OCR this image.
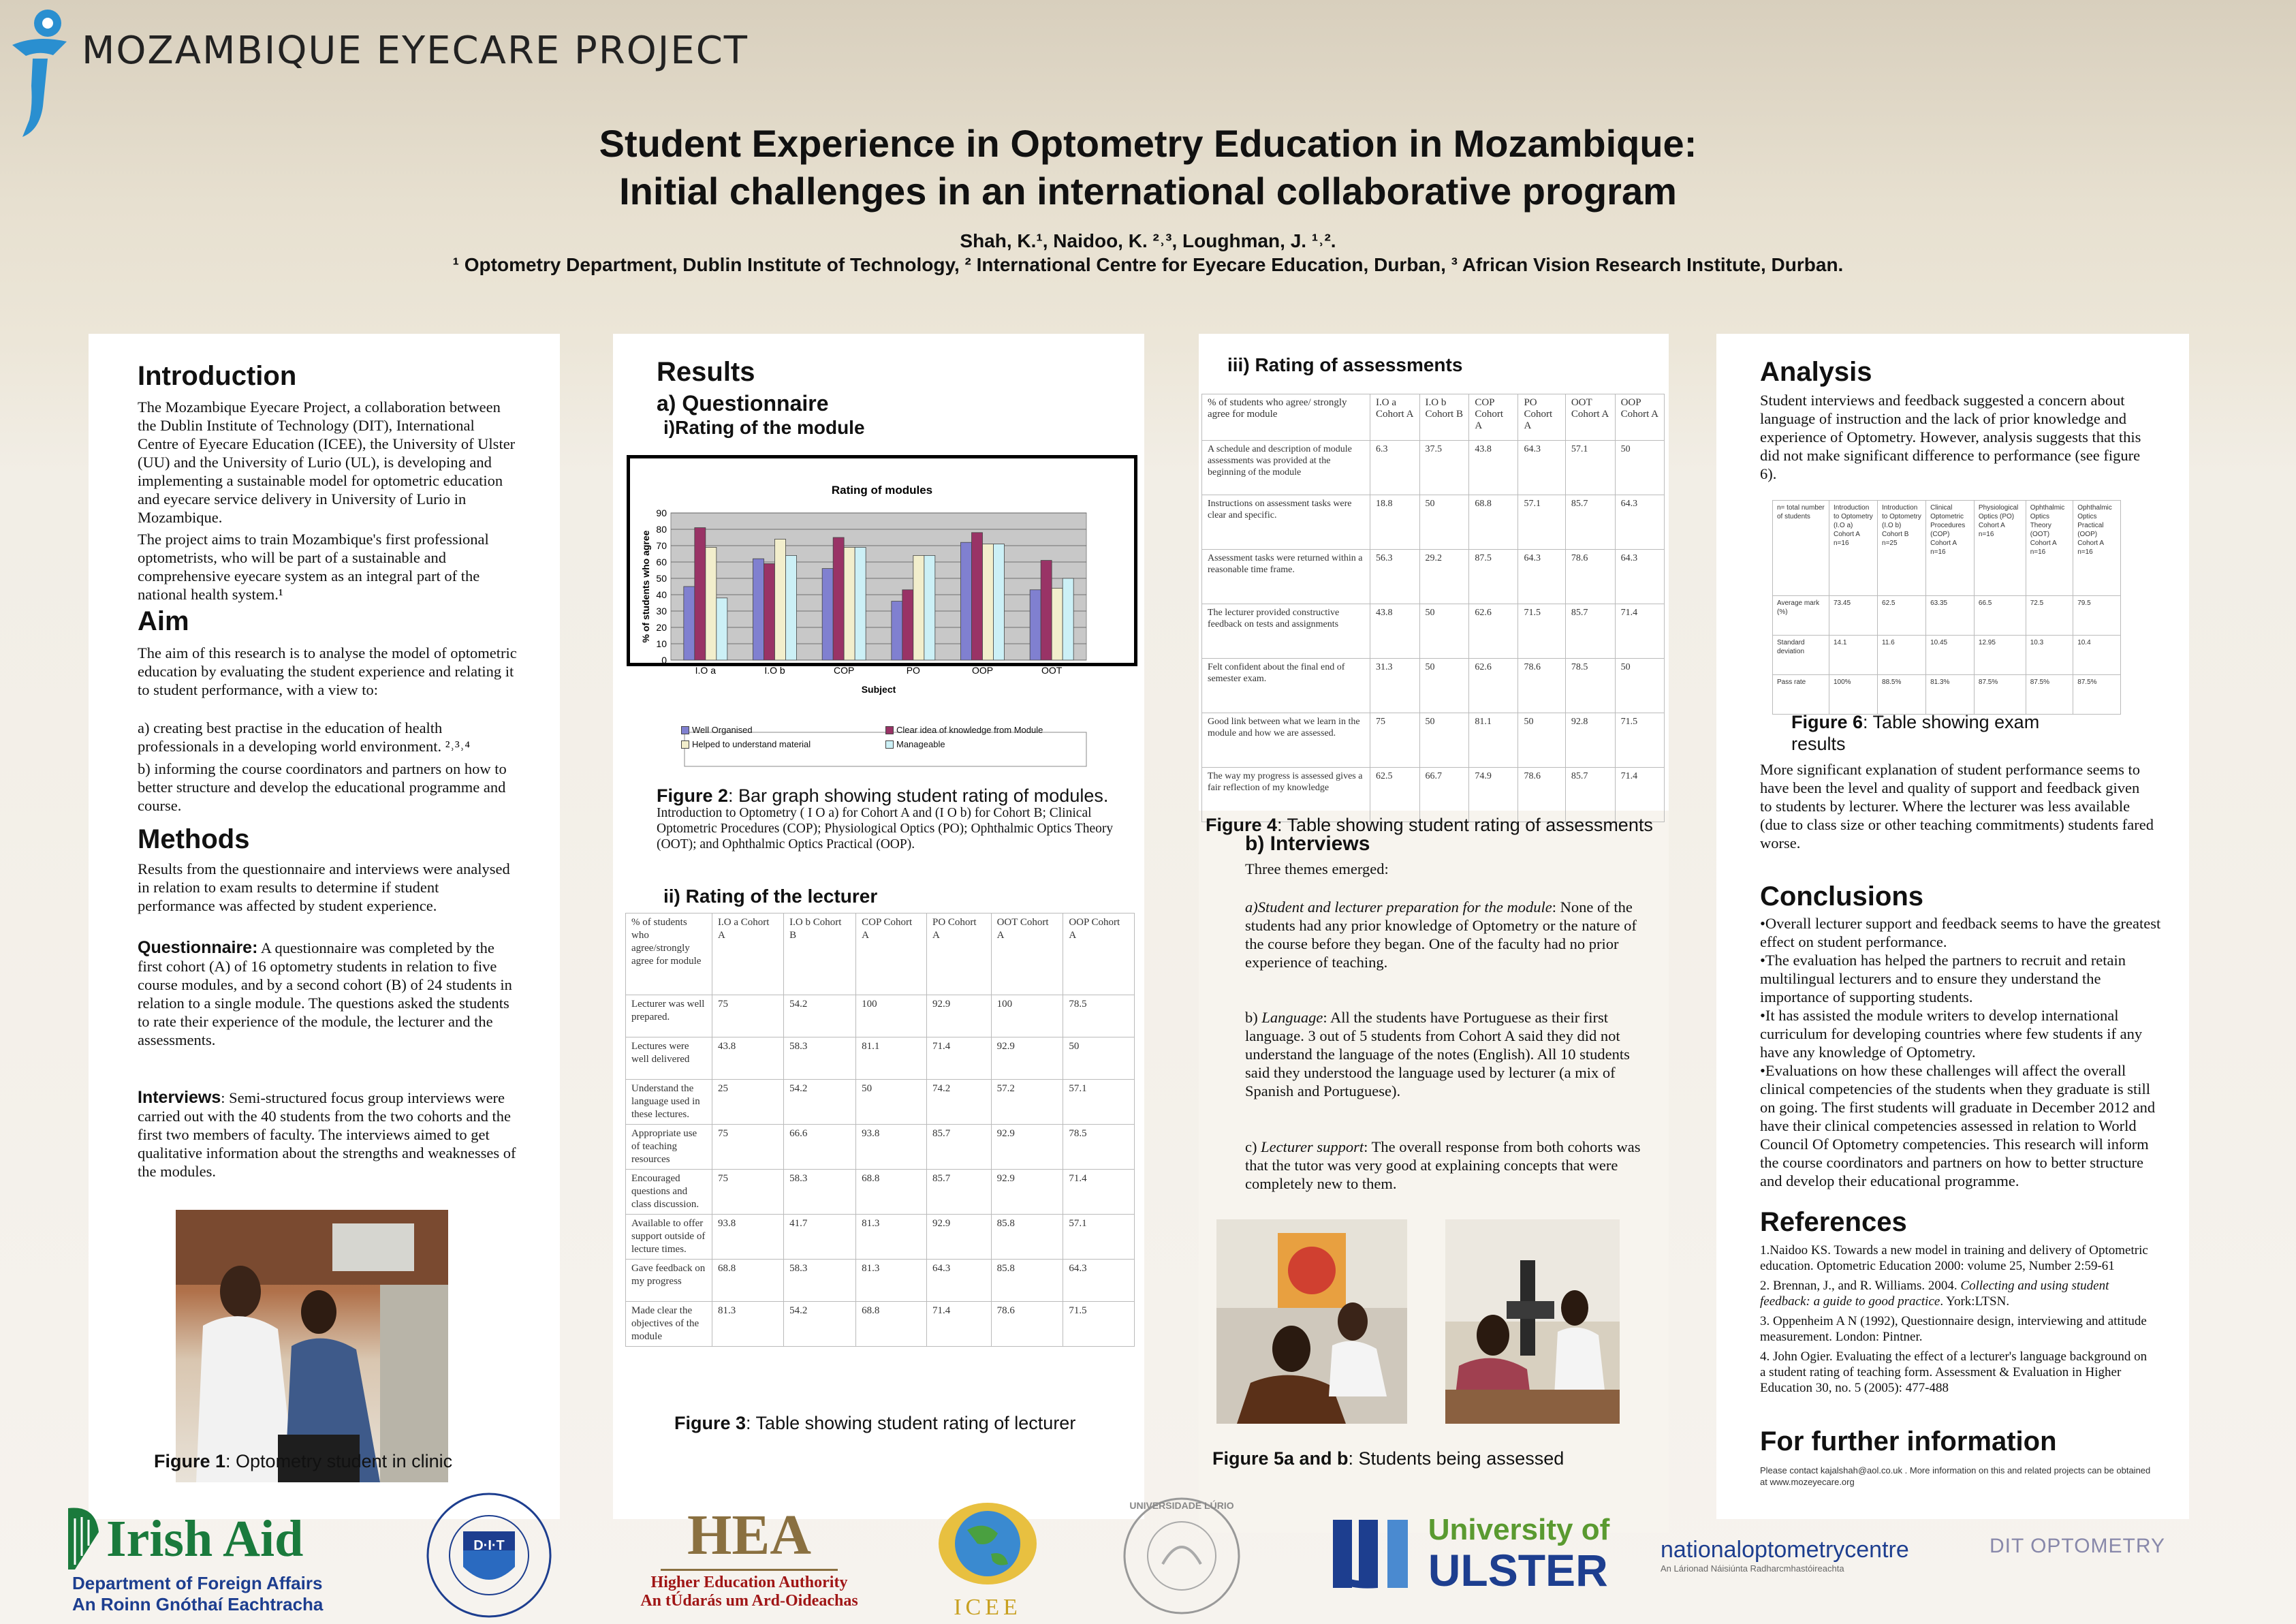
MOZAMBIQUE EYECARE PROJECT
Student Experience in Optometry Education in Mozambique:
Initial challenges in an international collaborative program
Shah, K.¹, Naidoo, K. ²˒³, Loughman, J. ¹˒².
¹ Optometry Department, Dublin Institute of Technology, ² International Centre for Eyecare Education, Durban, ³ African Vision Research Institute, Durban.
Introduction

The Mozambique Eyecare Project, a collaboration between the Dublin Institute of Technology (DIT), International Centre of Eyecare Education (ICEE), the University of Ulster (UU) and the University of Lurio (UL), is developing and implementing a sustainable model for optometric education and eyecare service delivery in University of Lurio in Mozambique.

The project aims to train Mozambique's first professional optometrists, who will be part of a sustainable and comprehensive eyecare system as an integral part of the national health system.¹

Aim

The aim of this research is to analyse the model of optometric education by evaluating the student experience and relating it to student performance, with a view to:

a) creating best practise in the education of health professionals in a developing world environment. ²˒³˒⁴

b) informing the course coordinators and partners on how to better structure and develop the educational programme and course.

Methods

Results from the questionnaire and interviews were analysed in relation to exam results to determine if student performance was affected by student experience.

Questionnaire: A questionnaire was completed by the first cohort (A) of 16 optometry students in relation to five course modules, and by a second cohort (B) of 24 students in relation to a single module. The questions asked the students to rate their experience of the module, the lecturer and the assessments.

Interviews: Semi-structured focus group interviews were carried out with the 40 students from the two cohorts and the first two members of faculty. The interviews aimed to get qualitative information about the strengths and weaknesses of the modules.

Figure 1: Optometry student in clinic
Results
a) Questionnaire
i)Rating of the module
Rating of modules
0
10
20
30
40
50
60
70
80
90
% of students who agree
I.O a	I.O b	COP	PO	OOP	OOT
Subject
Figure 2: Bar graph showing student rating of modules.

Introduction to Optometry ( I O a) for Cohort A and (I O b) for Cohort B; Clinical Optometric Procedures (COP); Physiological Optics (PO); Ophthalmic Optics Theory (OOT); and Ophthalmic Optics Practical (OOP).

ii) Rating of the lecturer
% of students who agree/strongly agree for module	I.O a Cohort A	I.O b Cohort B	COP Cohort A	PO Cohort A	OOT Cohort A	OOP Cohort A
Lecturer was well prepared.	75	54.2	100	92.9	100	78.5
Lectures were well delivered	43.8	58.3	81.1	71.4	92.9	50
Understand the language used in these lectures.	25	54.2	50	74.2	57.2	57.1
Appropriate use of teaching resources	75	66.6	93.8	85.7	92.9	78.5
Encouraged questions and class discussion.	75	58.3	68.8	85.7	92.9	71.4
Available to offer support outside of lecture times.	93.8	41.7	81.3	92.9	85.8	57.1
Gave feedback on my progress	68.8	58.3	81.3	64.3	85.8	64.3
Made clear the objectives of the module	81.3	54.2	68.8	71.4	78.6	71.5
Figure 3: Table showing student rating of lecturer
iii) Rating of assessments
% of students who agree/ strongly agree for module	I.O a Cohort A	I.O b Cohort B	COP Cohort A	PO Cohort A	OOT Cohort A	OOP Cohort A
A schedule and description of module assessments was provided at the beginning of the module	6.3	37.5	43.8	64.3	57.1	50
Instructions on assessment tasks were clear and specific.	18.8	50	68.8	57.1	85.7	64.3
Assessment tasks were returned within a reasonable time frame.	56.3	29.2	87.5	64.3	78.6	64.3
The lecturer provided constructive feedback on tests and assignments	43.8	50	62.6	71.5	85.7	71.4
Felt confident about the final end of semester exam.	31.3	50	62.6	78.6	78.5	50
Good link between what we learn in the module and how we are assessed.	75	50	81.1	50	92.8	71.5
The way my progress is assessed gives a fair reflection of my knowledge	62.5	66.7	74.9	78.6	85.7	71.4
Figure 4: Table showing student rating of assessments
b) Interviews

Three themes emerged:

a)Student and lecturer preparation for the module: None of the students had any prior knowledge of Optometry or the nature of the course before they began. One of the faculty had no prior experience of teaching.

b) Language: All the students have Portuguese as their first language. 3 out of 5 students from Cohort A said they did not understand the language of the notes (English). All 10 students said they understood the language used by lecturer (a mix of Spanish and Portuguese).

c) Lecturer support: The overall response from both cohorts was that the tutor was very good at explaining concepts that were completely new to them.

Figure 5a and b: Students being assessed
Analysis

Student interviews and feedback suggested a concern about language of instruction and the lack of prior knowledge and experience of Optometry. However, analysis suggests that this did not make significant difference to performance (see figure 6).

n= total number of students	Introduction to Optometry (I.O a) Cohort A n=16	Introduction to Optometry (I.O b) Cohort B n=25	Clinical Optometric Procedures (COP) Cohort A n=16	Physiological Optics (PO) Cohort A n=16	Ophthalmic Optics Theory (OOT) Cohort A n=16	Ophthalmic Optics Practical (OOP) Cohort A n=16
Average mark (%)	73.45	62.5	63.35	66.5	72.5	79.5
Standard deviation	14.1	11.6	10.45	12.95	10.3	10.4
Pass rate	100%	88.5%	81.3%	87.5%	87.5%	87.5%
Figure 6: Table showing exam results

More significant explanation of student performance seems to have been the level and quality of support and feedback given to students by lecturer. Where the lecturer was less available (due to class size or other teaching commitments) students fared worse.

Conclusions
•Overall lecturer support and feedback seems to have the greatest effect on student performance.
•The evaluation has helped the partners to recruit and retain multilingual lecturers and to ensure they understand the importance of supporting students.
•It has assisted the module writers to develop international curriculum for developing countries where few students if any have any knowledge of Optometry.
•Evaluations on how these challenges will affect the overall clinical competencies of the students when they graduate is still on going. The first students will graduate in December 2012 and have their clinical competencies assessed in relation to World Council Of Optometry competencies. This research will inform the course coordinators and partners on how to better structure and develop their educational programme.
References
1.Naidoo KS. Towards a new model in training and delivery of Optometric education. Optometric Education 2000: volume 25, Number 2:59-61
2. Brennan, J., and R. Williams. 2004. Collecting and using student feedback: a guide to good practice. York:LTSN.
3. Oppenheim A N (1992), Questionnaire design, interviewing and attitude measurement. London: Pintner.
4. John Ogier. Evaluating the effect of a lecturer's language background on a student rating of teaching form. Assessment & Evaluation in Higher Education 30, no. 5 (2005): 477-488
For further information
Please contact kajalshah@aol.co.uk . More information on this and related projects can be obtained at www.mozeyecare.org
Irish Aid
Department of Foreign Affairs
An Roinn Gnóthaí Eachtracha
D·I·T	HEA
Higher Education Authority
An tÚdarás um Ard-Oideachas	ICEE
UNIVERSIDADE LÚRIO
University of
ULSTER nationaloptometrycentre
An Lárionad Náisiúnta Radharcmhastóireachta
DIT OPTOMETRY
Well Organised	Clear idea of knowledge from Module
Helped to understand material	Manageable
